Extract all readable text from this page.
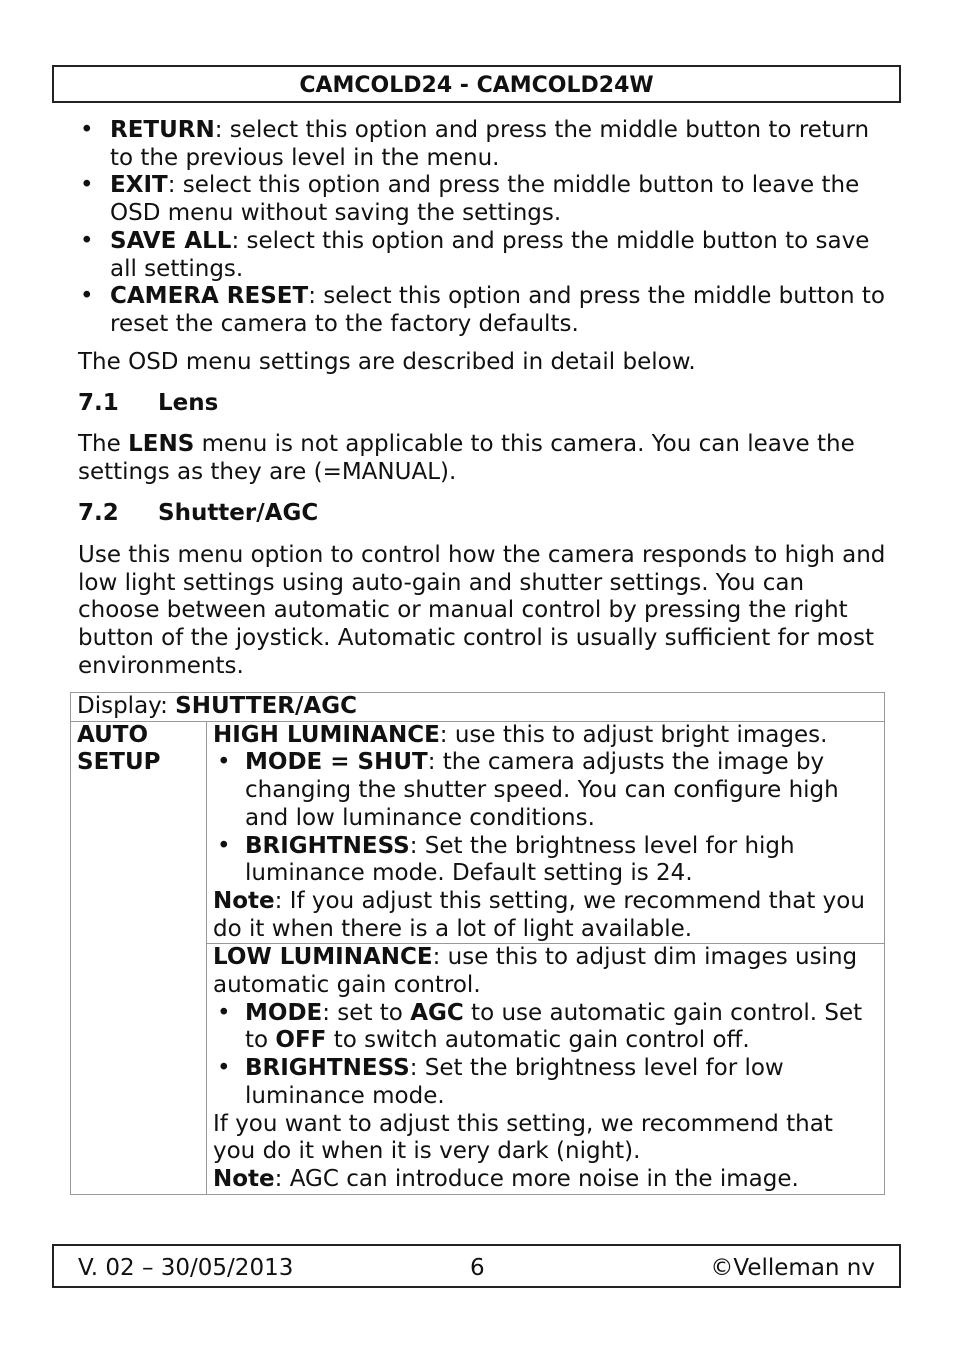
CAMCOLD24 - CAMCOLD24W
• RETURN: select this option and press the middle button to return to the previous level in the menu.
• EXIT: select this option and press the middle button to leave the OSD menu without saving the settings.
• SAVE ALL: select this option and press the middle button to save all settings.
• CAMERA RESET: select this option and press the middle button to reset the camera to the factory defaults.

The OSD menu settings are described in detail below.

7.1 Lens

The LENS menu is not applicable to this camera. You can leave the settings as they are (=MANUAL).

7.2 Shutter/AGC

Use this menu option to control how the camera responds to high and low light settings using auto-gain and shutter settings. You can choose between automatic or manual control by pressing the right button of the joystick. Automatic control is usually sufficient for most environments.

Display: SHUTTER/AGC
AUTO
SETUP	HIGH LUMINANCE: use this to adjust bright images.
• MODE = SHUT: the camera adjusts the image by changing the shutter speed. You can configure high and low luminance conditions.
• BRIGHTNESS: Set the brightness level for high luminance mode. Default setting is 24.
Note: If you adjust this setting, we recommend that you do it when there is a lot of light available.

LOW LUMINANCE: use this to adjust dim images using automatic gain control.
• MODE: set to AGC to use automatic gain control. Set to OFF to switch automatic gain control off.
• BRIGHTNESS: Set the brightness level for low luminance mode.
If you want to adjust this setting, we recommend that you do it when it is very dark (night).
Note: AGC can introduce more noise in the image.
V. 02 – 30/05/2013	6	©Velleman nv
